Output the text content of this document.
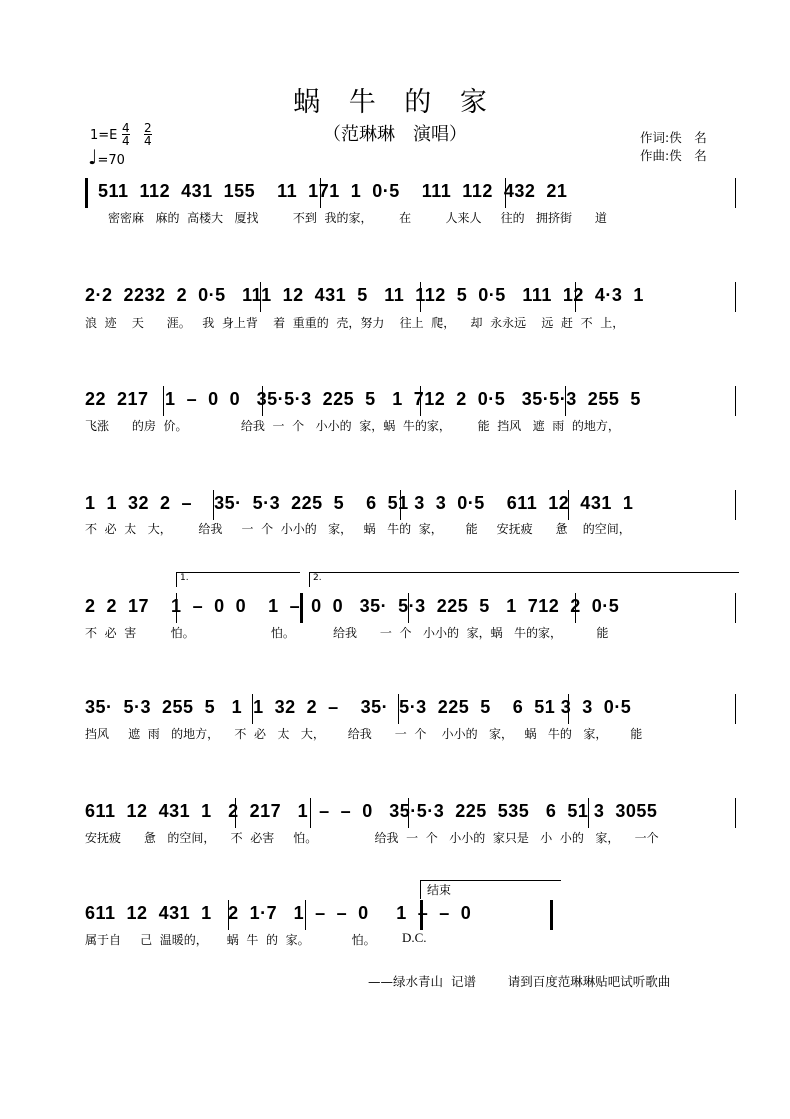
蜗 牛 的 家
（范琳琳　演唱）	作词:佚　名
作曲:佚　名
1=E 4
4
2
4
♩=70
511  112  431  155    11  171  1  0·5    111  112  432  21
密密麻   麻的  高楼大   厦找         不到  我的家，       在         人来人     往的   拥挤街      道
2·2  2232  2  0·5   111  12  431  5   11  112  5  0·5   111  12  4·3  1
浪  迹    天      涯。   我  身上背    着  重重的  壳，努力    往上  爬，    却  永永远    远  赶  不  上，
22  217   1  –  0  0   35·5·3  225  5   1  712  2  0·5   35·5·3  255  5
飞涨      的房  价。              给我  一  个   小小的  家，蜗  牛的家，       能  挡风   遮  雨  的地方，
1  1  32  2  –    35·  5·3  225  5    6  51 3  3  0·5    611  12  431  1
不  必  太   大，       给我     一  个  小小的   家，   蜗   牛的  家，      能     安抚疲      惫    的空间，
1.	2.
2  2  17    1  –  0  0    1  –  0  0   35·  5·3  225  5   1  712  2  0·5
不  必  害         怕。                    怕。          给我      一  个   小小的  家，蜗   牛的家，         能
35·  5·3  255  5   1  1  32  2  –    35·  5·3  225  5    6  51 3  3  0·5
挡风     遮  雨   的地方，    不  必   太   大，      给我      一  个    小小的   家，   蜗   牛的   家，      能
611  12  431  1   2  217   1  –  –  0   35·5·3  225  535   6  51 3  3055
安抚疲      惫   的空间，    不  必害     怕。               给我  一  个   小小的  家只是   小  小的   家，    一个
结束
611  12  431  1   2  1·7   1  –  –  0     1  –  –  0
属于自     己  温暖的，     蜗  牛  的  家。           怕。	D.C.
——绿水青山  记谱        请到百度范琳琳贴吧试听歌曲
